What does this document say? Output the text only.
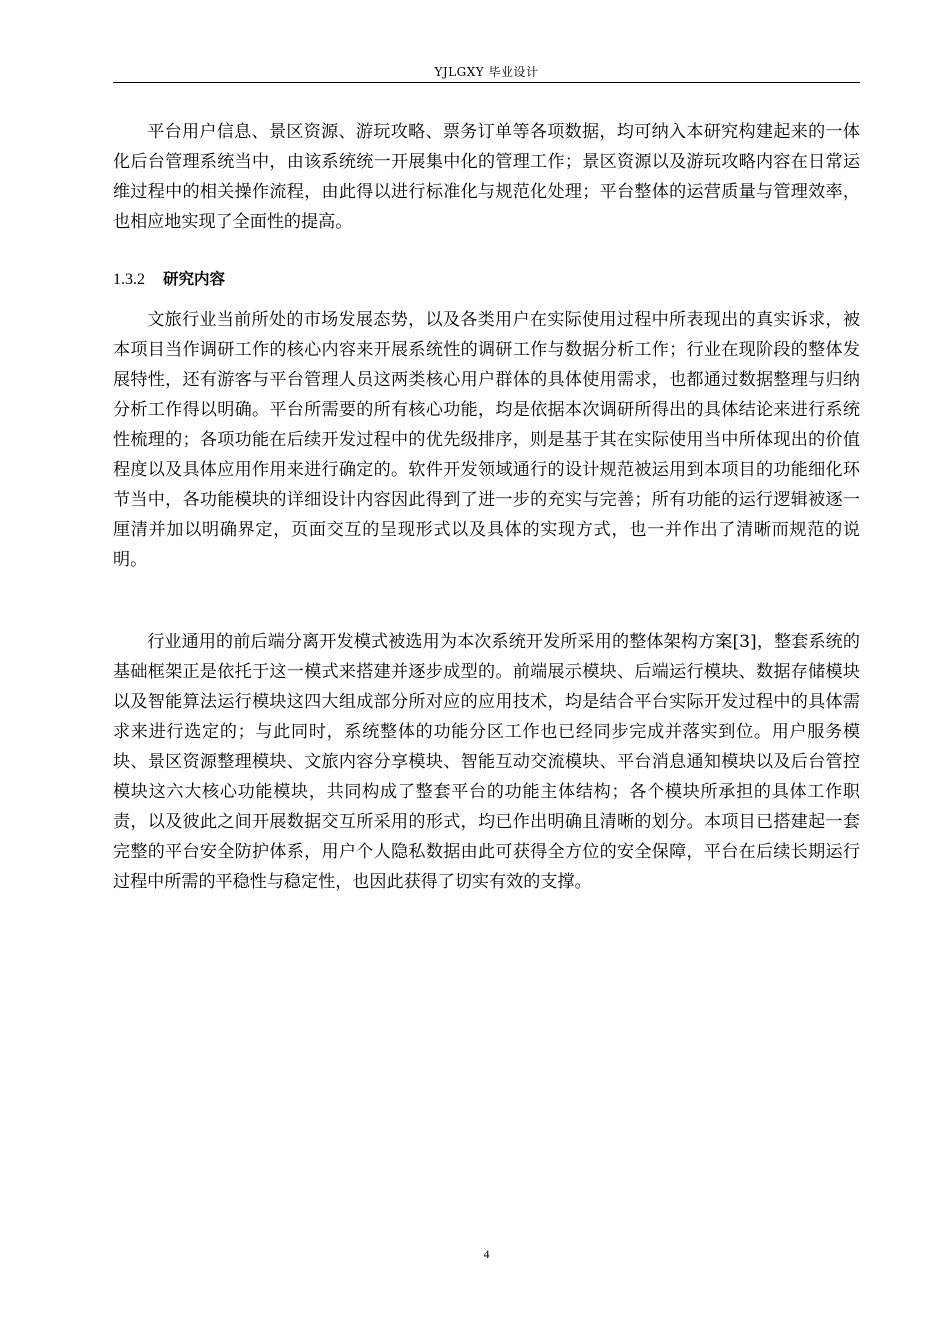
YJLGXY 毕业设计

平台用户信息、景区资源、游玩攻略、票务订单等各项数据，均可纳入本研究构建起来的一体化后台管理系统当中，由该系统统一开展集中化的管理工作；景区资源以及游玩攻略内容在日常运维过程中的相关操作流程，由此得以进行标准化与规范化处理；平台整体的运营质量与管理效率，也相应地实现了全面性的提高。

1.3.2 研究内容

文旅行业当前所处的市场发展态势，以及各类用户在实际使用过程中所表现出的真实诉求，被本项目当作调研工作的核心内容来开展系统性的调研工作与数据分析工作；行业在现阶段的整体发展特性，还有游客与平台管理人员这两类核心用户群体的具体使用需求，也都通过数据整理与归纳分析工作得以明确。平台所需要的所有核心功能，均是依据本次调研所得出的具体结论来进行系统性梳理的；各项功能在后续开发过程中的优先级排序，则是基于其在实际使用当中所体现出的价值程度以及具体应用作用来进行确定的。软件开发领域通行的设计规范被运用到本项目的功能细化环节当中，各功能模块的详细设计内容因此得到了进一步的充实与完善；所有功能的运行逻辑被逐一厘清并加以明确界定，页面交互的呈现形式以及具体的实现方式，也一并作出了清晰而规范的说明。

行业通用的前后端分离开发模式被选用为本次系统开发所采用的整体架构方案[3]，整套系统的基础框架正是依托于这一模式来搭建并逐步成型的。前端展示模块、后端运行模块、数据存储模块以及智能算法运行模块这四大组成部分所对应的应用技术，均是结合平台实际开发过程中的具体需求来进行选定的；与此同时，系统整体的功能分区工作也已经同步完成并落实到位。用户服务模块、景区资源整理模块、文旅内容分享模块、智能互动交流模块、平台消息通知模块以及后台管控模块这六大核心功能模块，共同构成了整套平台的功能主体结构；各个模块所承担的具体工作职责，以及彼此之间开展数据交互所采用的形式，均已作出明确且清晰的划分。本项目已搭建起一套完整的平台安全防护体系，用户个人隐私数据由此可获得全方位的安全保障，平台在后续长期运行过程中所需的平稳性与稳定性，也因此获得了切实有效的支撑。

4
